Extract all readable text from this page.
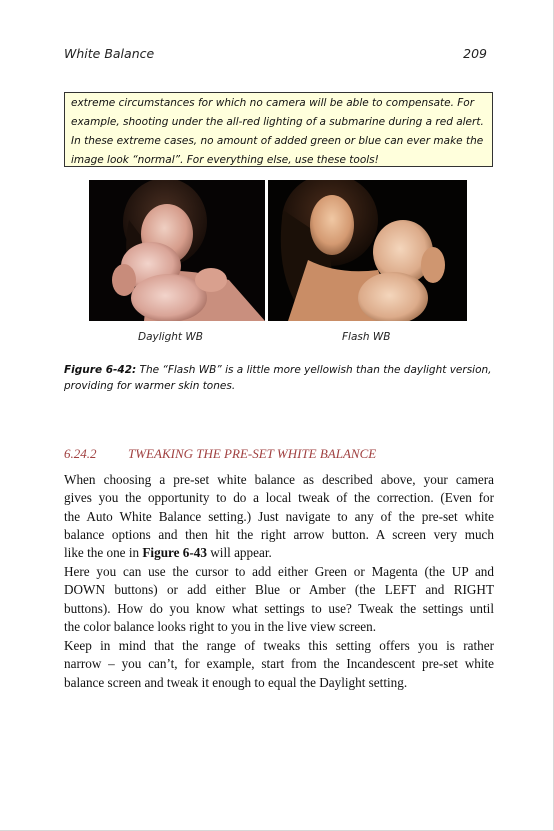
White Balance	209
extreme circumstances for which no camera will be able to compensate. For
example, shooting under the all-red lighting of a submarine during a red alert.
In these extreme cases, no amount of added green or blue can ever make the
image look “normal”. For everything else, use these tools!
Daylight WB	Flash WB
Figure 6-42: The “Flash WB” is a little more yellowish than the daylight version,
providing for warmer skin tones.
6.24.2 TWEAKING THE PRE-SET WHITE BALANCE
When choosing a pre-set white balance as described above, your camera
gives you the opportunity to do a local tweak of the correction. (Even for
the Auto White Balance setting.) Just navigate to any of the pre-set white
balance options and then hit the right arrow button. A screen very much
like the one in Figure 6-43 will appear.
Here you can use the cursor to add either Green or Magenta (the UP and
DOWN buttons) or add either Blue or Amber (the LEFT and RIGHT
buttons). How do you know what settings to use? Tweak the settings until
the color balance looks right to you in the live view screen.
Keep in mind that the range of tweaks this setting offers you is rather
narrow – you can’t, for example, start from the Incandescent pre-set white
balance screen and tweak it enough to equal the Daylight setting.
